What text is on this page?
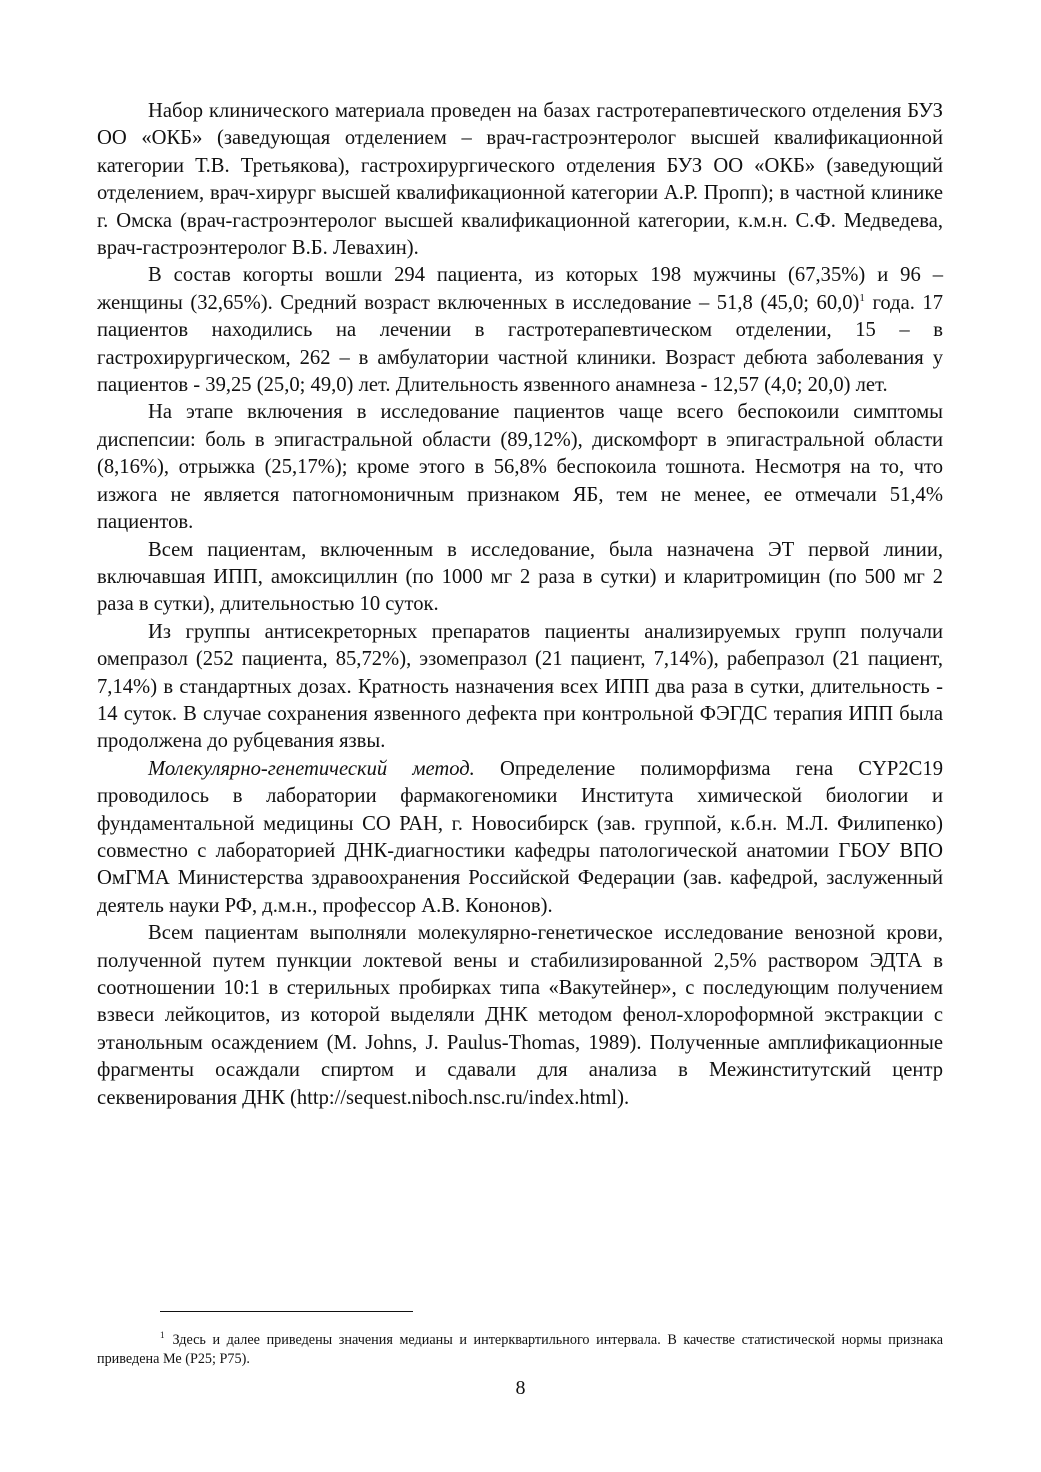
Набор клинического материала проведен на базах гастротерапевтического отделения БУЗ ОО «ОКБ» (заведующая отделением – врач-гастроэнтеролог высшей квалификационной категории Т.В. Третьякова), гастрохирургического отделения БУЗ ОО «ОКБ» (заведующий отделением, врач-хирург высшей квалификационной категории А.Р. Пропп); в частной клинике г. Омска (врач-гастроэнтеролог высшей квалификационной категории, к.м.н. С.Ф. Медведева, врач-гастроэнтеролог В.Б. Левахин).

В состав когорты вошли 294 пациента, из которых 198 мужчины (67,35%) и 96 – женщины (32,65%). Средний возраст включенных в исследование – 51,8 (45,0; 60,0)$^1$ года. 17 пациентов находились на лечении в гастротерапевтическом отделении, 15 – в гастрохирургическом, 262 – в амбулатории частной клиники. Возраст дебюта заболевания у пациентов - 39,25 (25,0; 49,0) лет. Длительность язвенного анамнеза - 12,57 (4,0; 20,0) лет.

На этапе включения в исследование пациентов чаще всего беспокоили симптомы диспепсии: боль в эпигастральной области (89,12%), дискомфорт в эпигастральной области (8,16%), отрыжка (25,17%); кроме этого в 56,8% беспокоила тошнота. Несмотря на то, что изжога не является патогномоничным признаком ЯБ, тем не менее, ее отмечали 51,4% пациентов.

Всем пациентам, включенным в исследование, была назначена ЭТ первой линии, включавшая ИПП, амоксициллин (по 1000 мг 2 раза в сутки) и кларитромицин (по 500 мг 2 раза в сутки), длительностью 10 суток.

Из группы антисекреторных препаратов пациенты анализируемых групп получали омепразол (252 пациента, 85,72%), эзомепразол (21 пациент, 7,14%), рабепразол (21 пациент, 7,14%) в стандартных дозах. Кратность назначения всех ИПП два раза в сутки, длительность - 14 суток. В случае сохранения язвенного дефекта при контрольной ФЭГДС терапия ИПП была продолжена до рубцевания язвы.

Молекулярно-генетический метод. Определение полиморфизма гена CYP2C19 проводилось в лаборатории фармакогеномики Института химической биологии и фундаментальной медицины СО РАН, г. Новосибирск (зав. группой, к.б.н. М.Л. Филипенко) совместно с лабораторией ДНК-диагностики кафедры патологической анатомии ГБОУ ВПО ОмГМА Министерства здравоохранения Российской Федерации (зав. кафедрой, заслуженный деятель науки РФ, д.м.н., профессор А.В. Кононов).

Всем пациентам выполняли молекулярно-генетическое исследование венозной крови, полученной путем пункции локтевой вены и стабилизированной 2,5% раствором ЭДТА в соотношении 10:1 в стерильных пробирках типа «Вакутейнер», с последующим получением взвеси лейкоцитов, из которой выделяли ДНК методом фенол-хлороформной экстракции с этанольным осаждением (M. Johns, J. Paulus-Thomas, 1989). Полученные амплификационные фрагменты осаждали спиртом и сдавали для анализа в Межинститутский центр секвенирования ДНК (http://sequest.niboch.nsc.ru/index.html).

$^1$ Здесь и далее приведены значения медианы и интерквартильного интервала. В качестве статистической нормы признака приведена Ме (Р25; Р75).
8
